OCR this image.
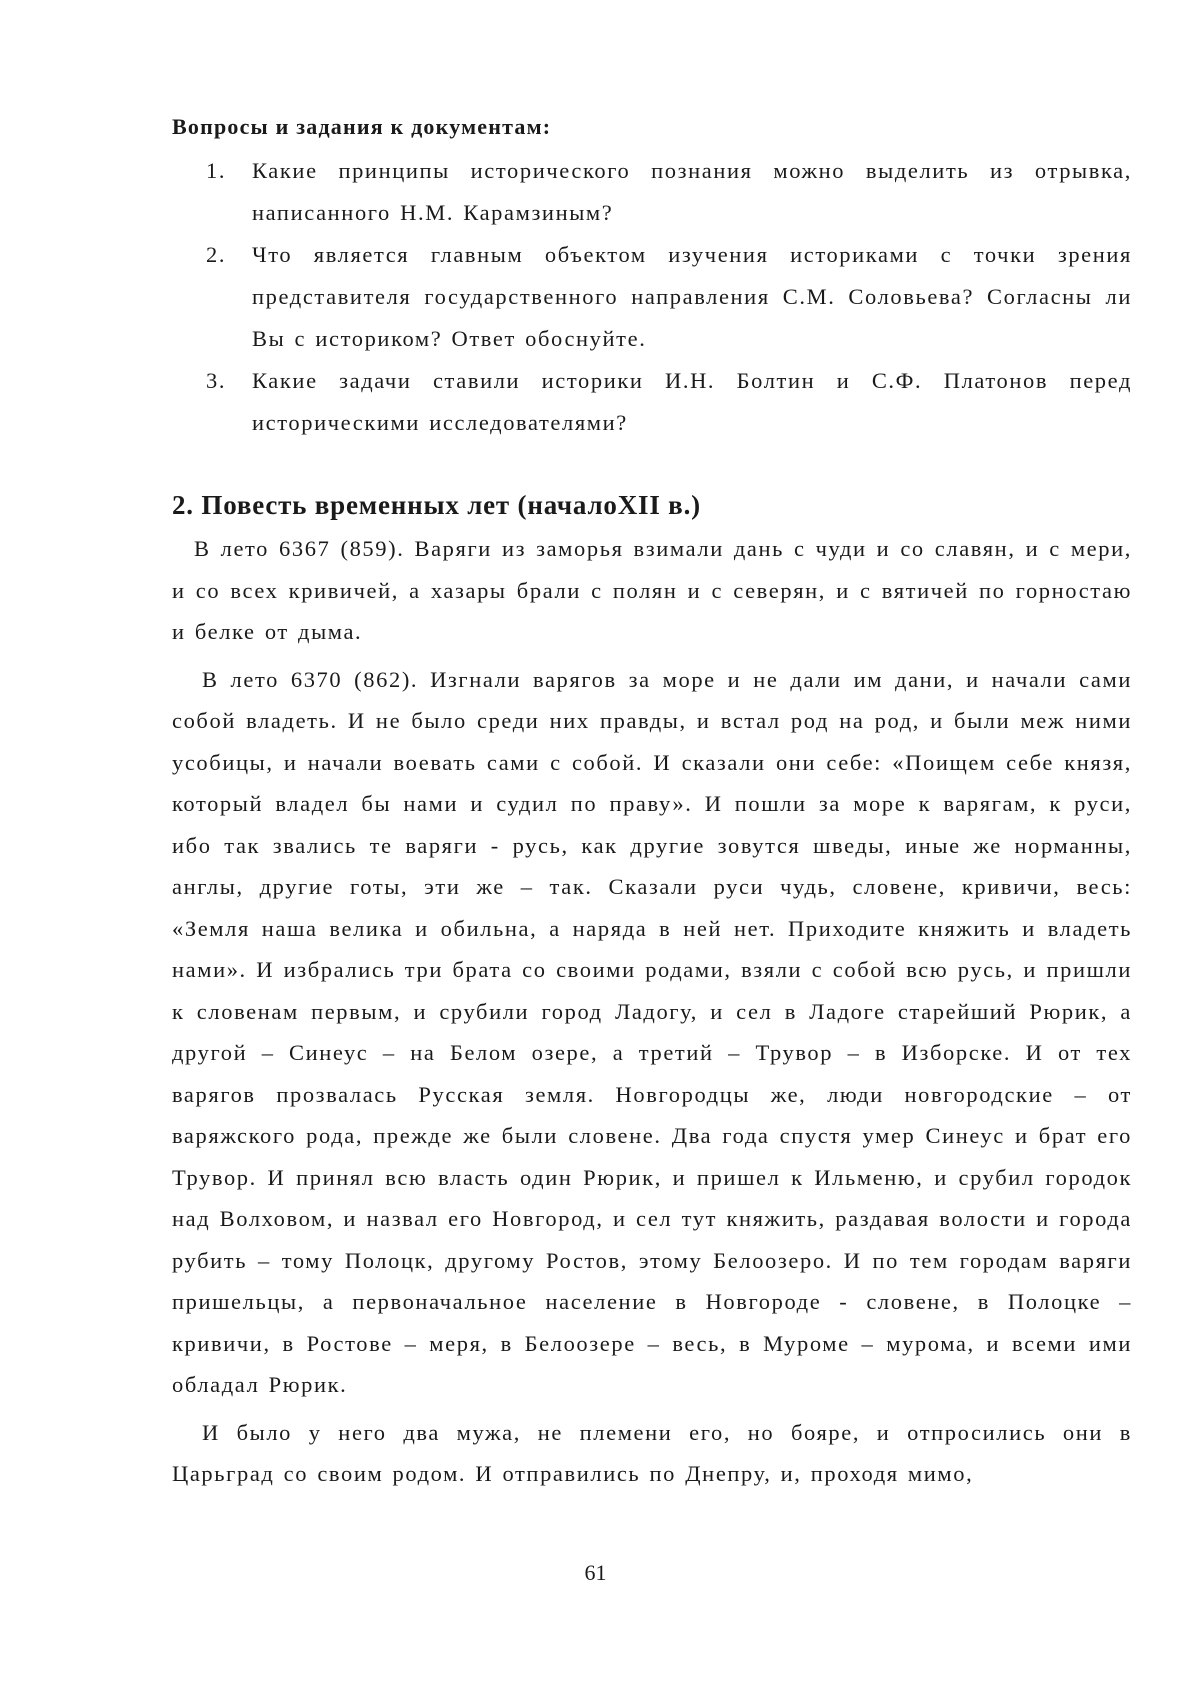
Вопросы и задания к документам:
1. Какие принципы исторического познания можно выделить из отрывка, написанного Н.М. Карамзиным?
2. Что является главным объектом изучения историками с точки зрения представителя государственного направления С.М. Соловьева? Согласны ли Вы с историком? Ответ обоснуйте.
3. Какие задачи ставили историки И.Н. Болтин и С.Ф. Платонов перед историческими исследователями?
2. Повесть временных лет (началоXII в.)

В лето 6367 (859). Варяги из заморья взимали дань с чуди и со славян, и с мери, и со всех кривичей, а хазары брали с полян и с северян, и с вятичей по горностаю и белке от дыма.

В лето 6370 (862). Изгнали варягов за море и не дали им дани, и начали сами собой владеть. И не было среди них правды, и встал род на род, и были меж ними усобицы, и начали воевать сами с собой. И сказали они себе: «Поищем себе князя, который владел бы нами и судил по праву». И пошли за море к варягам, к руси, ибо так звались те варяги - русь, как другие зовутся шведы, иные же норманны, англы, другие готы, эти же – так. Сказали руси чудь, словене, кривичи, весь: «Земля наша велика и обильна, а наряда в ней нет. Приходите княжить и владеть нами». И избрались три брата со своими родами, взяли с собой всю русь, и пришли к словенам первым, и срубили город Ладогу, и сел в Ладоге старейший Рюрик, а другой – Синеус – на Белом озере, а третий – Трувор – в Изборске. И от тех варягов прозвалась Русская земля. Новгородцы же, люди новгородские – от варяжского рода, прежде же были словене. Два года спустя умер Синеус и брат его Трувор. И принял всю власть один Рюрик, и пришел к Ильменю, и срубил городок над Волховом, и назвал его Новгород, и сел тут княжить, раздавая волости и города рубить – тому Полоцк, другому Ростов, этому Белоозеро. И по тем городам варяги пришельцы, а первоначальное население в Новгороде - словене, в Полоцке – кривичи, в Ростове – меря, в Белоозере – весь, в Муроме – мурома, и всеми ими обладал Рюрик.

И было у него два мужа, не племени его, но бояре, и отпросились они в Царьград со своим родом. И отправились по Днепру, и, проходя мимо,

61
